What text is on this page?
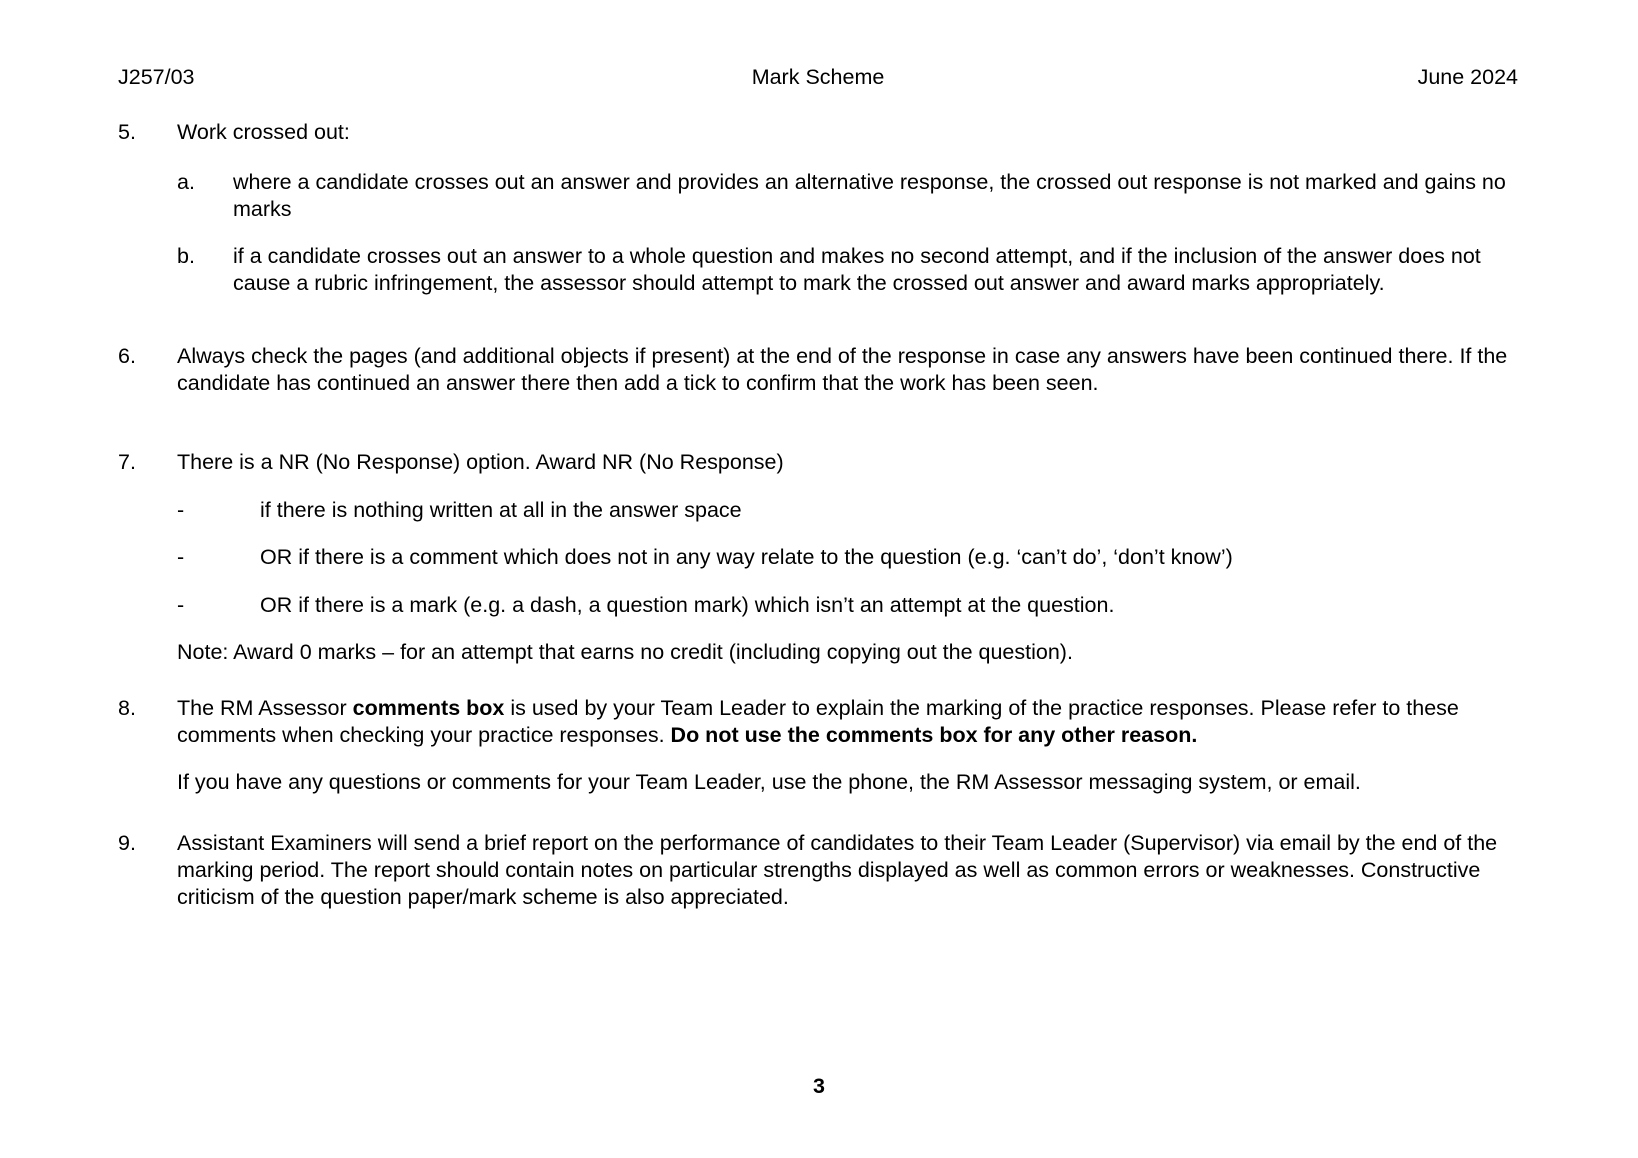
J257/03	Mark Scheme	June 2024
5.	Work crossed out:
a.	where a candidate crosses out an answer and provides an alternative response, the crossed out response is not marked and gains no marks
b.	if a candidate crosses out an answer to a whole question and makes no second attempt, and if the inclusion of the answer does not cause a rubric infringement, the assessor should attempt to mark the crossed out answer and award marks appropriately.
6.	Always check the pages (and additional objects if present) at the end of the response in case any answers have been continued there. If the candidate has continued an answer there then add a tick to confirm that the work has been seen.
7.	There is a NR (No Response) option. Award NR (No Response)
-	if there is nothing written at all in the answer space
-	OR if there is a comment which does not in any way relate to the question (e.g. ‘can’t do’, ‘don’t know’)
-	OR if there is a mark (e.g. a dash, a question mark) which isn’t an attempt at the question.
Note: Award 0 marks – for an attempt that earns no credit (including copying out the question).
8.	The RM Assessor comments box is used by your Team Leader to explain the marking of the practice responses. Please refer to these comments when checking your practice responses. Do not use the comments box for any other reason.
If you have any questions or comments for your Team Leader, use the phone, the RM Assessor messaging system, or email.
9.	Assistant Examiners will send a brief report on the performance of candidates to their Team Leader (Supervisor) via email by the end of the marking period. The report should contain notes on particular strengths displayed as well as common errors or weaknesses. Constructive criticism of the question paper/mark scheme is also appreciated.
3
